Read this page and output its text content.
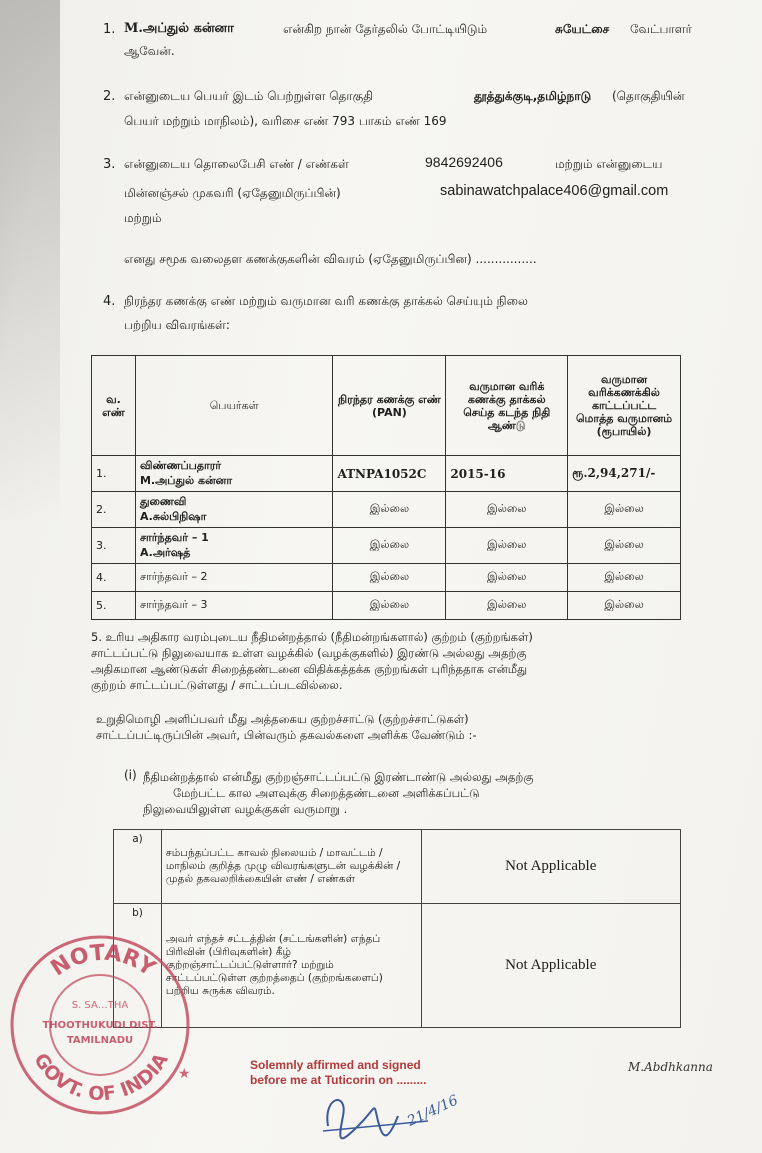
1. M.அப்துல் கன்னா	என்கிற நான் தேர்தலில் போட்டியிடும்	சுயேட்சை வேட்பாளர்
ஆவேன்.
2. என்னுடைய பெயர் இடம் பெற்றுள்ள தொகுதி	தூத்துக்குடி,தமிழ்நாடு (தொகுதியின்
பெயர் மற்றும் மாநிலம்), வரிசை எண் 793 பாகம் எண் 169
3. என்னுடைய தொலைபேசி எண் / எண்கள்	9842692406	மற்றும் என்னுடைய
மின்னஞ்சல் முகவரி (ஏதேனுமிருப்பின்)	sabinawatchpalace406@gmail.com
மற்றும்
எனது சமூக வலைதள கணக்குகளின் விவரம் (ஏதேனுமிருப்பின) ................
4. நிரந்தர கணக்கு எண் மற்றும் வருமான வரி கணக்கு தாக்கல் செய்யும் நிலை
பற்றிய விவரங்கள்:
வ. எண்	பெயர்கள்	நிரந்தர கணக்கு எண் (PAN)	வருமான வரிக் கணக்கு தாக்கல் செய்த கடந்த நிதி ஆண்டு	வருமான வரிக்கணக்கில் காட்டப்பட்ட மொத்த வருமானம் (ரூபாயில்)
1.	விண்ணப்பதாரர்
M.அப்துல் கன்னா	ATNPA1052C	2015-16	ரூ.2,94,271/-
2.	துணைவி
A.சுல்பிநிஷா	இல்லை	இல்லை	இல்லை
3.	சார்ந்தவர் – 1
A.அர்ஷத்	இல்லை	இல்லை	இல்லை
4.	சார்ந்தவர் – 2	இல்லை	இல்லை	இல்லை
5.	சார்ந்தவர் – 3	இல்லை	இல்லை	இல்லை
5. உரிய அதிகார வரம்புடைய நீதிமன்றத்தால் (நீதிமன்றங்களால்) குற்றம் (குற்றங்கள்)
சாட்டப்பட்டு நிலுவையாக உள்ள வழக்கில் (வழக்குகளில்) இரண்டு அல்லது அதற்கு
அதிகமான ஆண்டுகள் சிறைத்தண்டனை விதிக்கத்தக்க குற்றங்கள் புரிந்ததாக என்மீது
குற்றம் சாட்டப்பட்டுள்ளது / சாட்டப்படவில்லை.
உறுதிமொழி அளிப்பவர் மீது அத்தகைய குற்றச்சாட்டு (குற்றச்சாட்டுகள்)
சாட்டப்பட்டிருப்பின் அவர், பின்வரும் தகவல்களை அளிக்க வேண்டும் :-
(i) நீதிமன்றத்தால் என்மீது குற்றஞ்சாட்டப்பட்டு இரண்டாண்டு அல்லது அதற்கு
மேற்பட்ட கால அளவுக்கு சிறைத்தண்டனை அளிக்கப்பட்டு
நிலுவையிலுள்ள வழக்குகள் வருமாறு .
a)	சம்பந்தப்பட்ட காவல் நிலையம் / மாவட்டம் / மாநிலம் குறித்த முழு விவரங்களுடன் வழக்கின் / முதல் தகவலறிக்கையின் எண் / எண்கள்	Not Applicable
b)	அவர் எந்தச் சட்டத்தின் (சட்டங்களின்) எந்தப் பிரிவின் (பிரிவுகளின்) கீழ் குற்றஞ்சாட்டப்பட்டுள்ளார்? மற்றும் சாட்டப்பட்டுள்ள குற்றத்தைப் (குற்றங்களைப்) பற்றிய சுருக்க விவரம்.	Not Applicable
NOTARY
GOVT. OF INDIA
S. SA…THA
THOOTHUKUDI DIST.
TAMILNADU
★
Solemnly affirmed and signed
before me at Tuticorin on .........
21/4/16
M.Abdhkanna
